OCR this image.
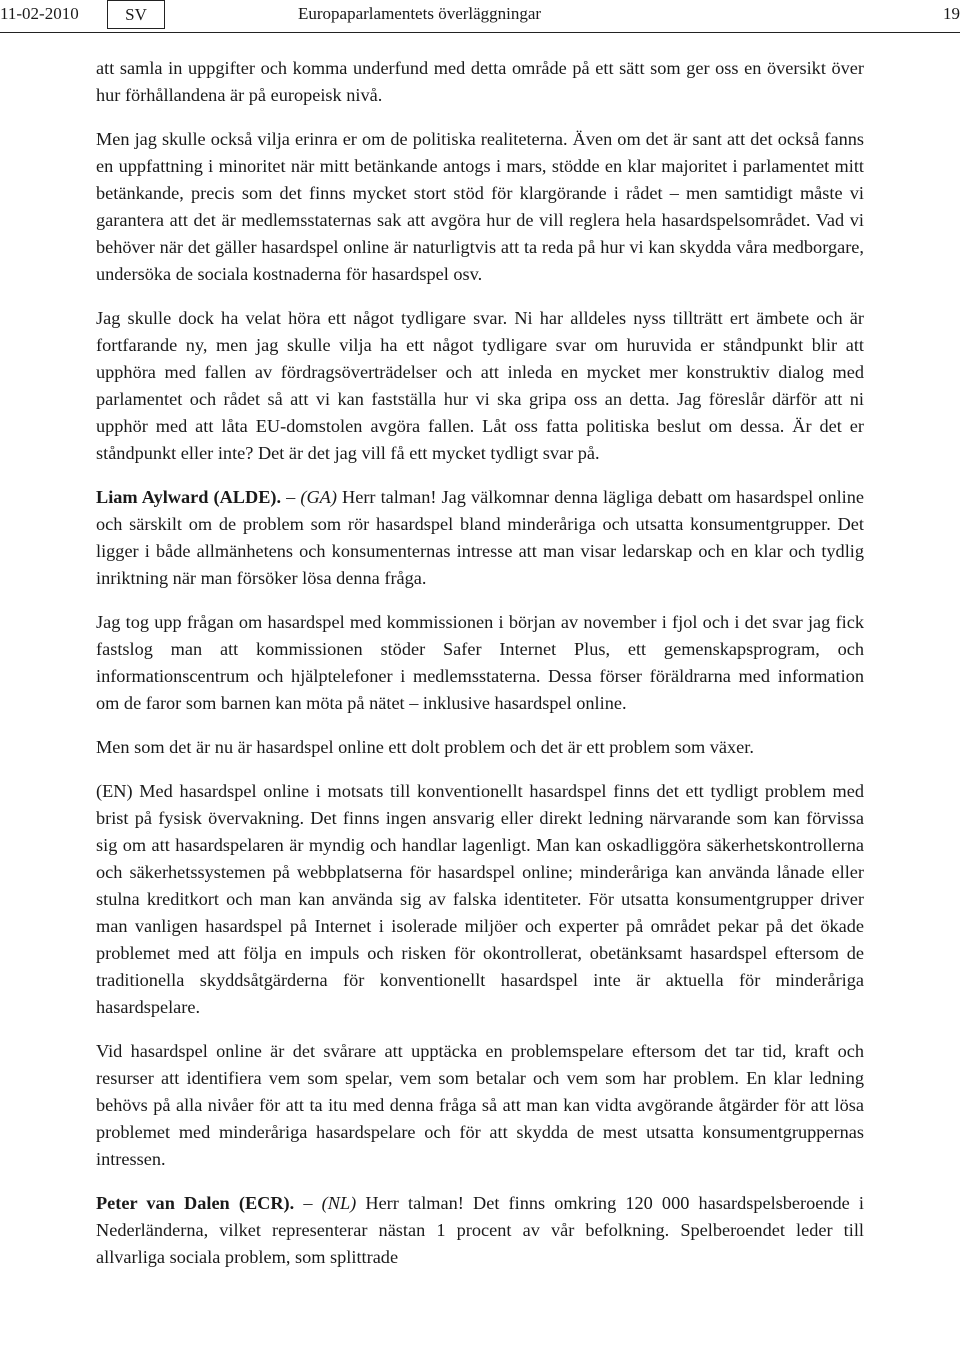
11-02-2010	SV	Europaparlamentets överläggningar	19

att samla in uppgifter och komma underfund med detta område på ett sätt som ger oss en översikt över hur förhållandena är på europeisk nivå.

Men jag skulle också vilja erinra er om de politiska realiteterna. Även om det är sant att det också fanns en uppfattning i minoritet när mitt betänkande antogs i mars, stödde en klar majoritet i parlamentet mitt betänkande, precis som det finns mycket stort stöd för klargörande i rådet – men samtidigt måste vi garantera att det är medlemsstaternas sak att avgöra hur de vill reglera hela hasardspelsområdet. Vad vi behöver när det gäller hasardspel online är naturligtvis att ta reda på hur vi kan skydda våra medborgare, undersöka de sociala kostnaderna för hasardspel osv.

Jag skulle dock ha velat höra ett något tydligare svar. Ni har alldeles nyss tillträtt ert ämbete och är fortfarande ny, men jag skulle vilja ha ett något tydligare svar om huruvida er ståndpunkt blir att upphöra med fallen av fördragsöverträdelser och att inleda en mycket mer konstruktiv dialog med parlamentet och rådet så att vi kan fastställa hur vi ska gripa oss an detta. Jag föreslår därför att ni upphör med att låta EU-domstolen avgöra fallen. Låt oss fatta politiska beslut om dessa. Är det er ståndpunkt eller inte? Det är det jag vill få ett mycket tydligt svar på.

Liam Aylward (ALDE). – (GA) Herr talman! Jag välkomnar denna lägliga debatt om hasardspel online och särskilt om de problem som rör hasardspel bland minderåriga och utsatta konsumentgrupper. Det ligger i både allmänhetens och konsumenternas intresse att man visar ledarskap och en klar och tydlig inriktning när man försöker lösa denna fråga.

Jag tog upp frågan om hasardspel med kommissionen i början av november i fjol och i det svar jag fick fastslog man att kommissionen stöder Safer Internet Plus, ett gemenskapsprogram, och informationscentrum och hjälptelefoner i medlemsstaterna. Dessa förser föräldrarna med information om de faror som barnen kan möta på nätet – inklusive hasardspel online.

Men som det är nu är hasardspel online ett dolt problem och det är ett problem som växer.

(EN) Med hasardspel online i motsats till konventionellt hasardspel finns det ett tydligt problem med brist på fysisk övervakning. Det finns ingen ansvarig eller direkt ledning närvarande som kan förvissa sig om att hasardspelaren är myndig och handlar lagenligt. Man kan oskadliggöra säkerhetskontrollerna och säkerhetssystemen på webbplatserna för hasardspel online; minderåriga kan använda lånade eller stulna kreditkort och man kan använda sig av falska identiteter. För utsatta konsumentgrupper driver man vanligen hasardspel på Internet i isolerade miljöer och experter på området pekar på det ökade problemet med att följa en impuls och risken för okontrollerat, obetänksamt hasardspel eftersom de traditionella skyddsåtgärderna för konventionellt hasardspel inte är aktuella för minderåriga hasardspelare.

Vid hasardspel online är det svårare att upptäcka en problemspelare eftersom det tar tid, kraft och resurser att identifiera vem som spelar, vem som betalar och vem som har problem. En klar ledning behövs på alla nivåer för att ta itu med denna fråga så att man kan vidta avgörande åtgärder för att lösa problemet med minderåriga hasardspelare och för att skydda de mest utsatta konsumentgruppernas intressen.

Peter van Dalen (ECR). – (NL) Herr talman! Det finns omkring 120 000 hasardspelsberoende i Nederländerna, vilket representerar nästan 1 procent av vår befolkning. Spelberoendet leder till allvarliga sociala problem, som splittrade
